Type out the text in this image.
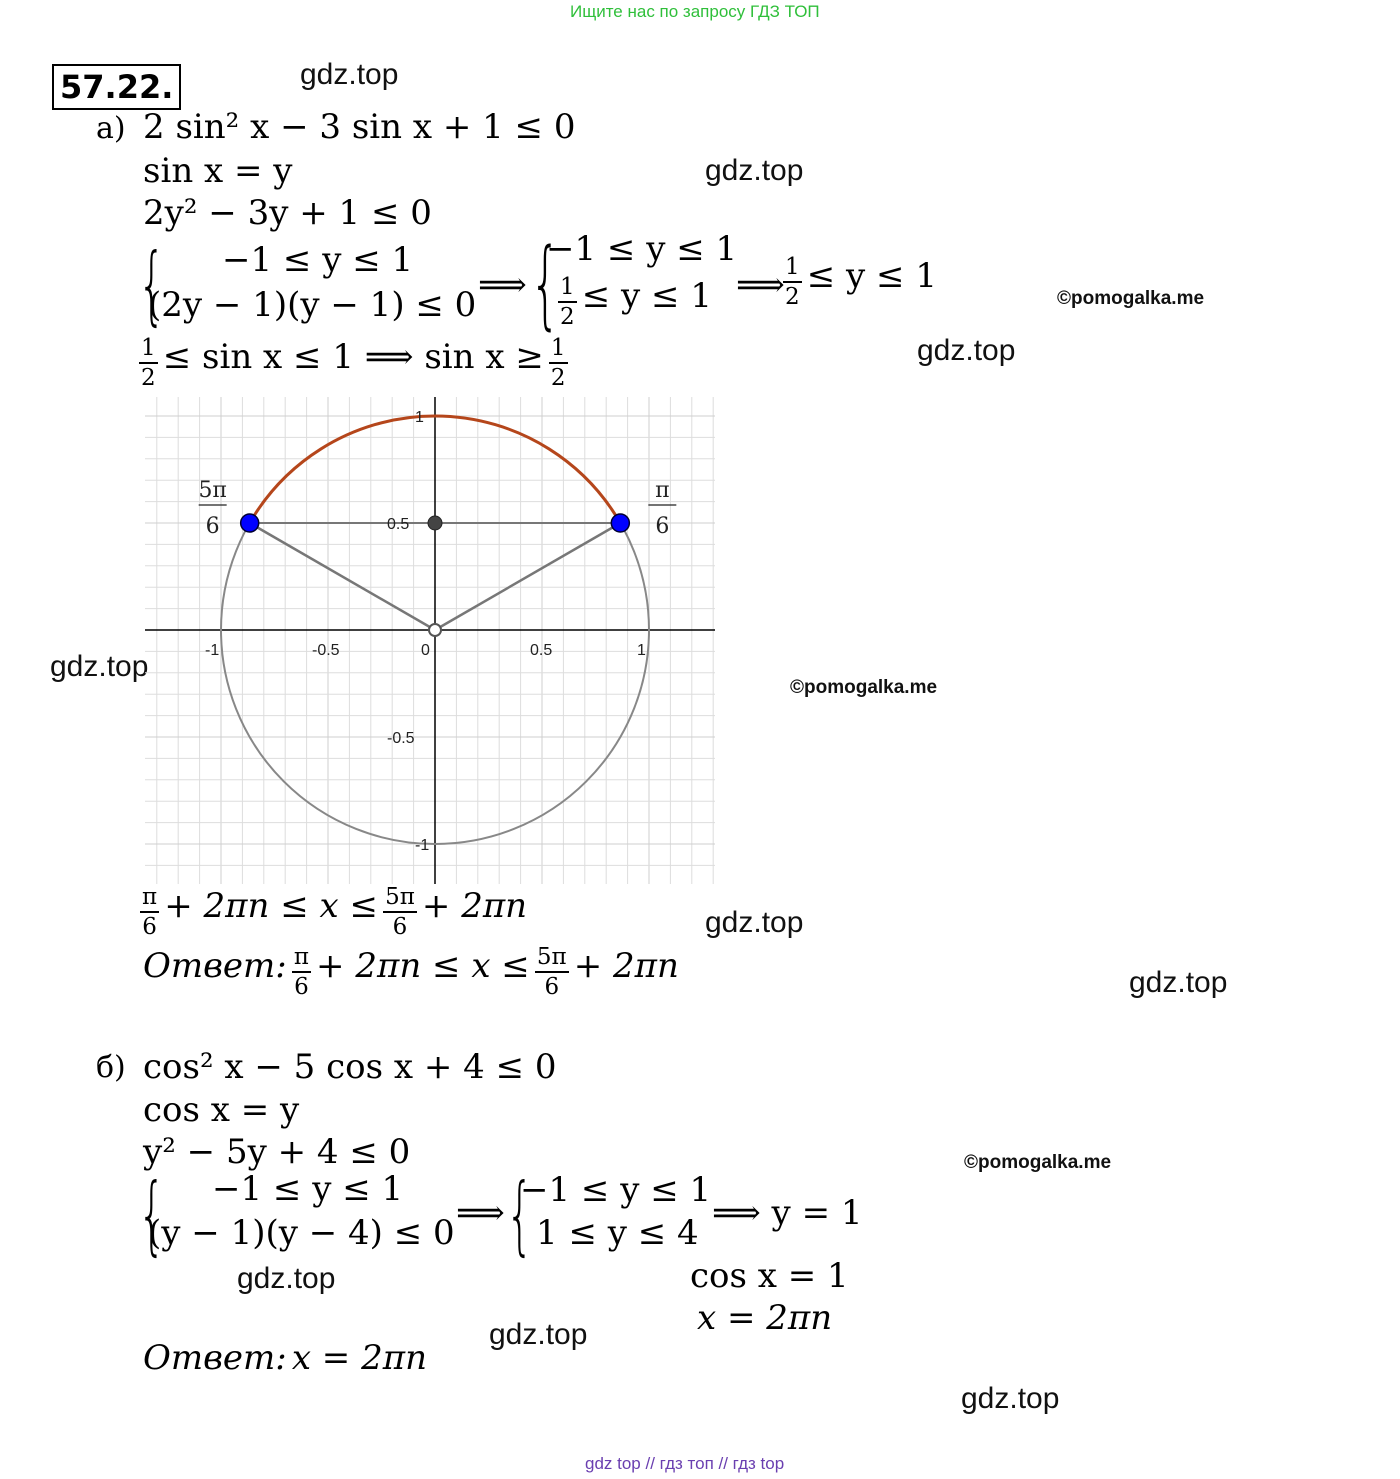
Ищите нас по запросу ГДЗ ТОП
57.22.	gdz.top
gdz.top
gdz.top
gdz.top
gdz.top
gdz.top
gdz.top
gdz.top
gdz.top
©pomogalka.me
©pomogalka.me
©pomogalka.me
а) 2 sin² x − 3 sin x + 1 ≤ 0
sin x = y
2y² − 3y + 1 ≤ 0
{ −1 ≤ y ≤ 1
(2y − 1)(y − 1) ≤ 0 ⟹ {
−1 ≤ y ≤ 1
$\frac{1}{2} \le y \le 1$ ⟹
$\frac{1}{2} \le y \le 1$
$\frac{1}{2} \le \sin x \le 1$ ⟹ $\sin x \ge \frac{1}{2}$
-1	-0.5	0	0.5	1
1
0.5
-0.5
-1
π
6
5π
6
$\frac{\pi}{6} + 2\pi n \le x \le \frac{5\pi}{6} + 2\pi n$
Ответ: $\frac{\pi}{6} + 2\pi n \le x \le \frac{5\pi}{6} + 2\pi n$
б) cos² x − 5 cos x + 4 ≤ 0
cos x = y
y² − 5y + 4 ≤ 0
{ −1 ≤ y ≤ 1
(y − 1)(y − 4) ≤ 0 ⟹ {
−1 ≤ y ≤ 1
1 ≤ y ≤ 4 ⟹ y = 1
cos x = 1
x = 2πn
Ответ: x = 2πn
gdz top // гдз топ // гдз top
